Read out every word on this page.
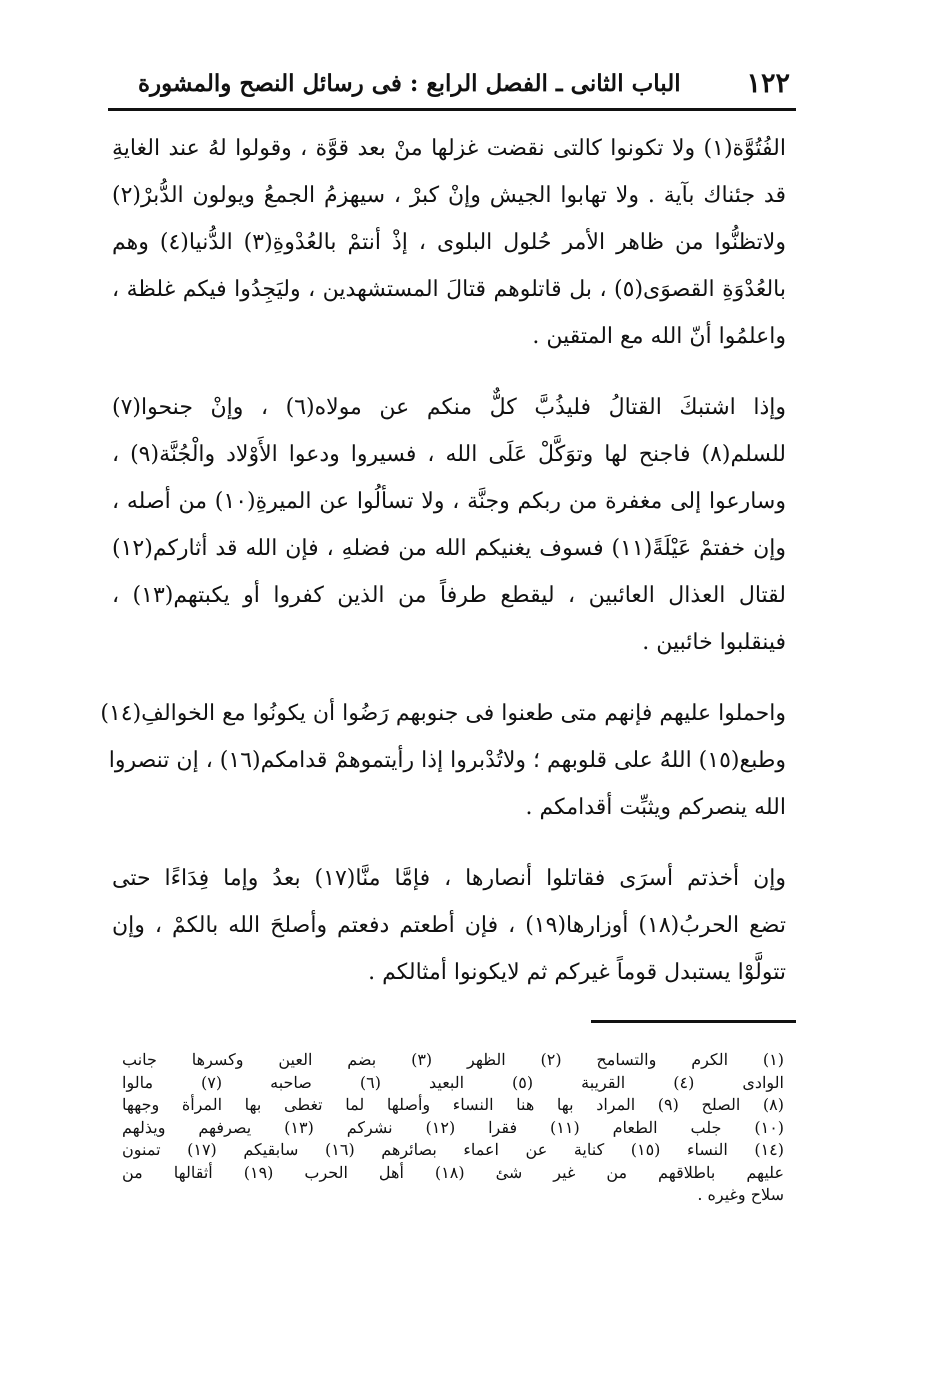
١٢٢
الباب الثانى ـ الفصل الرابع : فى رسائل النصح والمشورة
الفُتُوَّة(١) ولا تكونوا كالتى نقضت غزلها منْ بعد قوَّة ، وقولوا لهُ عند الغايةِ
قد جئناك بآية . ولا تهابوا الجيش وإنْ كبرْ ، سيهزمُ الجمعُ ويولون الدُّبرْ(٢)
ولاتظنُّوا من ظاهر الأمر حُلول البلوى ، إذْ أنتمْ بالعُدْوةِ(٣) الدُّنيا(٤) وهم
بالعُدْوَةِ القصوَى(٥) ، بل قاتلوهم قتالَ المستشهدين ، وليَجِدُوا فيكم غلظة ،
واعلمُوا أنّ الله مع المتقين .
وإذا اشتبكَ القتالُ فليذُبَّ كلٌّ منكم عن مولاه(٦) ، وإنْ جنحوا(٧)
للسلم(٨) فاجنح لها وتوَكَّلْ عَلَى الله ، فسيروا ودعوا الأَوْلاد والْجُنَّة(٩) ،
وسارعوا إلى مغفرة من ربكم وجنَّة ، ولا تسألُوا عن الميرةِ(١٠) من أصله ،
وإن خفتمْ عَيْلَةً(١١) فسوف يغنيكم الله من فضلهِ ، فإن الله قد أثاركم(١٢)
لقتال العذال العائبين ، ليقطع طرفاً من الذين كفروا أو يكبتهم(١٣) ،
فينقلبوا خائبين .
واحملوا عليهم فإنهم متى طعنوا فى جنوبهم رَضُوا أن يكونُوا مع الخوالفِ(١٤)
وطبع(١٥) اللهُ على قلوبهم ؛ ولاتُدْبروا إذا رأيتموهمْ قدامكم(١٦) ، إن تنصروا
الله ينصركم ويثبِّت أقدامكم .
وإن أخذتم أسرَى فقاتلوا أنصارها ، فإمَّا منَّا(١٧) بعدُ وإما فِدَاءًا حتى
تضع الحربُ(١٨) أوزارها(١٩) ، فإن أطعتم دفعتم وأصلحَ الله بالكمْ ، وإن
تتولَّوْا يستبدل قوماً غيركم ثم لايكونوا أمثالكم .
(١) الكرم والتسامح (٢) الظهر (٣) بضم العين وكسرها جانب
الوادى (٤) القريبة (٥) البعيد (٦) صاحبه (٧) مالوا
(٨) الصلح (٩) المراد بها هنا النساء وأصلها لما تغطى بها المرأة وجهها
(١٠) جلب الطعام (١١) فقرا (١٢) نشركم (١٣) يصرفهم ويذلهم
(١٤) النساء (١٥) كناية عن اعماء بصائرهم (١٦) سابقيكم (١٧) تمنون
عليهم باطلاقهم من غير شئ (١٨) أهل الحرب (١٩) أثقالها من
سلاح وغيره .
